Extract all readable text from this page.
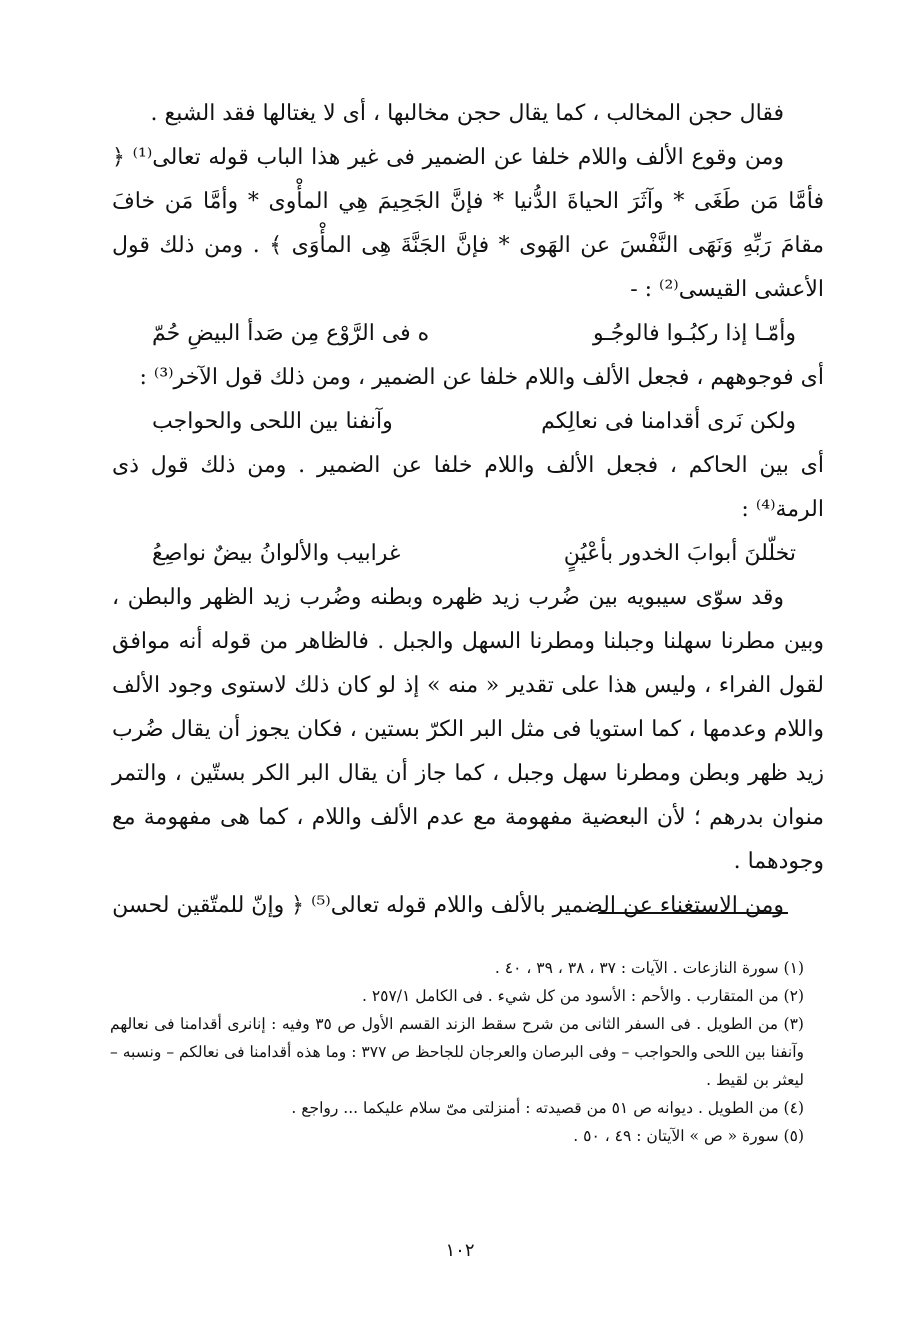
فقال حجن المخالب ، كما يقال حجن مخالبها ، أى لا يغتالها فقد الشبع .

ومن وقوع الألف واللام خلفا عن الضمير فى غير هذا الباب قوله تعالى⁽¹⁾ ﴿ فأمَّا مَن طَغَى * وآثَرَ الحياةَ الدُّنيا * فإنَّ الجَحِيمَ هِي المأْوى * وأمَّا مَن خافَ مقامَ رَبِّهِ وَنَهَى النَّفْسَ عن الهَوى * فإنَّ الجَنَّةَ هِى المأْوَى ﴾ . ومن ذلك قول الأعشى القيسى⁽²⁾ : -

وأمّـا إذا ركبُـوا فالوجُـو
ه فى الرَّوْع مِن صَدأ البيضِ حُمّ

أى فوجوههم ، فجعل الألف واللام خلفا عن الضمير ، ومن ذلك قول الآخر⁽³⁾ :

ولكن نَرى أقدامنا فى نعالِكم
وآنفنا بين اللحى والحواجب

أى بين الحاكم ، فجعل الألف واللام خلفا عن الضمير . ومن ذلك قول ذى الرمة⁽⁴⁾ :

تخلّلنَ أبوابَ الخدور بأعْيُنٍ
غرابيب والألوانُ بيضٌ نواصِعُ

وقد سوّى سيبويه بين ضُرب زيد ظهره وبطنه وضُرب زيد الظهر والبطن ، وبين مطرنا سهلنا وجبلنا ومطرنا السهل والجبل . فالظاهر من قوله أنه موافق لقول الفراء ، وليس هذا على تقدير « منه » إذ لو كان ذلك لاستوى وجود الألف واللام وعدمها ، كما استويا فى مثل البر الكرّ بستين ، فكان يجوز أن يقال ضُرب زيد ظهر وبطن ومطرنا سهل وجبل ، كما جاز أن يقال البر الكر بستّين ، والتمر منوان بدرهم ؛ لأن البعضية مفهومة مع عدم الألف واللام ، كما هى مفهومة مع وجودهما .

ومن الاستغناء عن الضمير بالألف واللام قوله تعالى⁽⁵⁾ ﴿ وإنّ للمتّقين لحسن

(١) سورة النازعات . الآيات : ٣٧ ، ٣٨ ، ٣٩ ، ٤٠ .

(٢) من المتقارب . والأحم : الأسود من كل شيء . فى الكامل ٢٥٧/١ .

(٣) من الطويل . فى السفر الثانى من شرح سقط الزند القسم الأول ص ٣٥ وفيه : إنانرى أقدامنا فى نعالهم وآنفنا بين اللحى والحواجب – وفى البرصان والعرجان للجاحظ ص ٣٧٧ : وما هذه أقدامنا فى نعالكم – ونسبه – ليعثر بن لقيط .

(٤) من الطويل . ديوانه ص ٥١ من قصيدته : أمنزلتى مىّ سلام عليكما ... رواجع .

(٥) سورة « ص » الآيتان : ٤٩ ، ٥٠ .

١٠٢
